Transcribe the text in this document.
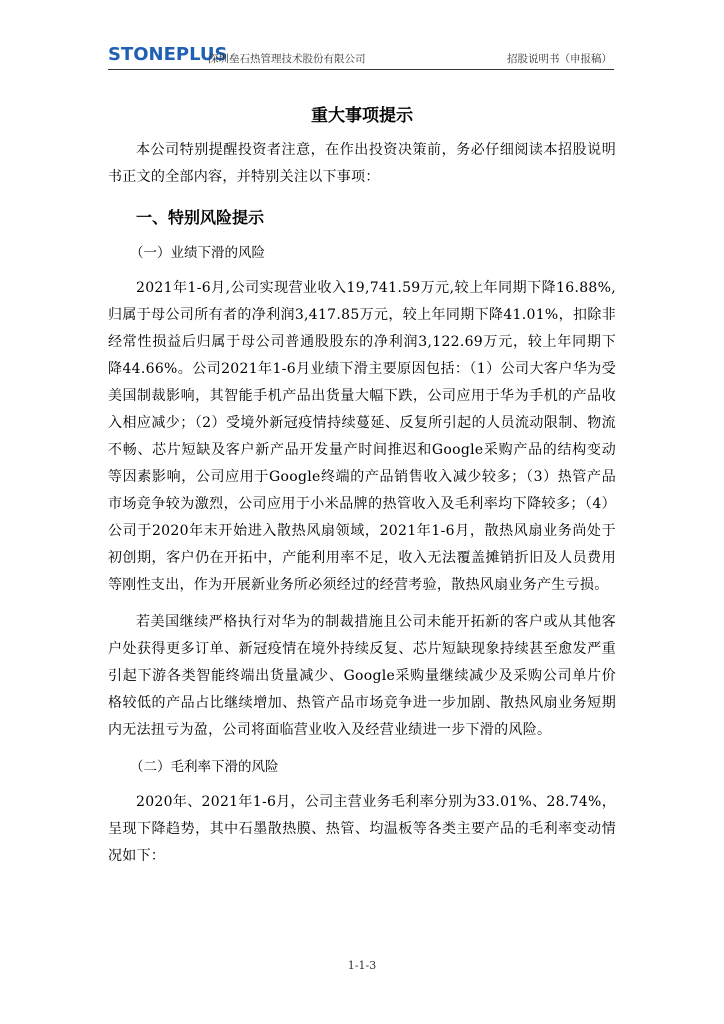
STONEPLUS
深圳垒石热管理技术股份有限公司	招股说明书（申报稿）
重大事项提示

本公司特别提醒投资者注意，在作出投资决策前，务必仔细阅读本招股说明书正文的全部内容，并特别关注以下事项：

一、特别风险提示
（一）业绩下滑的风险

2021年1-6月,公司实现营业收入19,741.59万元,较上年同期下降16.88%,归属于母公司所有者的净利润3,417.85万元，较上年同期下降41.01%，扣除非经常性损益后归属于母公司普通股股东的净利润3,122.69万元，较上年同期下降44.66%。公司2021年1-6月业绩下滑主要原因包括：（1）公司大客户华为受美国制裁影响，其智能手机产品出货量大幅下跌，公司应用于华为手机的产品收入相应减少；（2）受境外新冠疫情持续蔓延、反复所引起的人员流动限制、物流不畅、芯片短缺及客户新产品开发量产时间推迟和Google采购产品的结构变动等因素影响，公司应用于Google终端的产品销售收入减少较多；（3）热管产品市场竞争较为激烈，公司应用于小米品牌的热管收入及毛利率均下降较多；（4）公司于2020年末开始进入散热风扇领域，2021年1-6月，散热风扇业务尚处于初创期，客户仍在开拓中，产能利用率不足，收入无法覆盖摊销折旧及人员费用等刚性支出，作为开展新业务所必须经过的经营考验，散热风扇业务产生亏损。

若美国继续严格执行对华为的制裁措施且公司未能开拓新的客户或从其他客户处获得更多订单、新冠疫情在境外持续反复、芯片短缺现象持续甚至愈发严重引起下游各类智能终端出货量减少、Google采购量继续减少及采购公司单片价格较低的产品占比继续增加、热管产品市场竞争进一步加剧、散热风扇业务短期内无法扭亏为盈，公司将面临营业收入及经营业绩进一步下滑的风险。

（二）毛利率下滑的风险

2020年、2021年1-6月，公司主营业务毛利率分别为33.01%、28.74%，呈现下降趋势，其中石墨散热膜、热管、均温板等各类主要产品的毛利率变动情况如下：

1-1-3
